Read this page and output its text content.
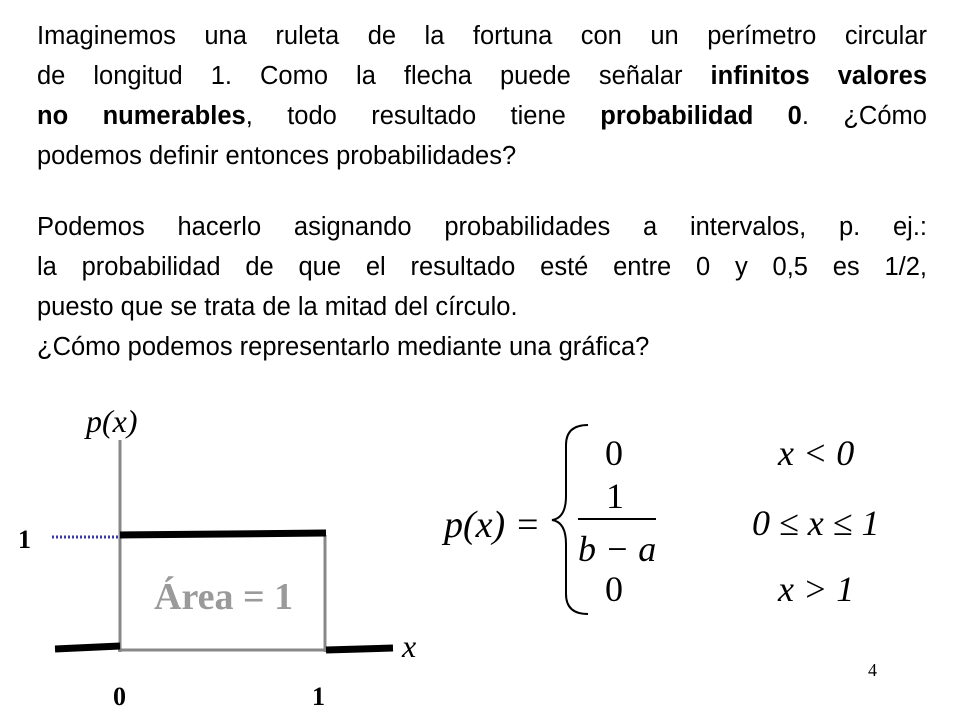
Imaginemos una ruleta de la fortuna con un perímetro circular
de longitud 1. Como la flecha puede señalar infinitos valores
no numerables, todo resultado tiene probabilidad 0. ¿Cómo
podemos definir entonces probabilidades?
Podemos hacerlo asignando probabilidades a intervalos, p. ej.:
la probabilidad de que el resultado esté entre 0 y 0,5 es 1/2,
puesto que se trata de la mitad del círculo.
¿Cómo podemos representarlo mediante una gráfica?
p(x)
x
1
0	1
Área = 1
p(x) =
0
1
b − a
0
x < 0
0 ≤ x ≤ 1
x > 1
4
